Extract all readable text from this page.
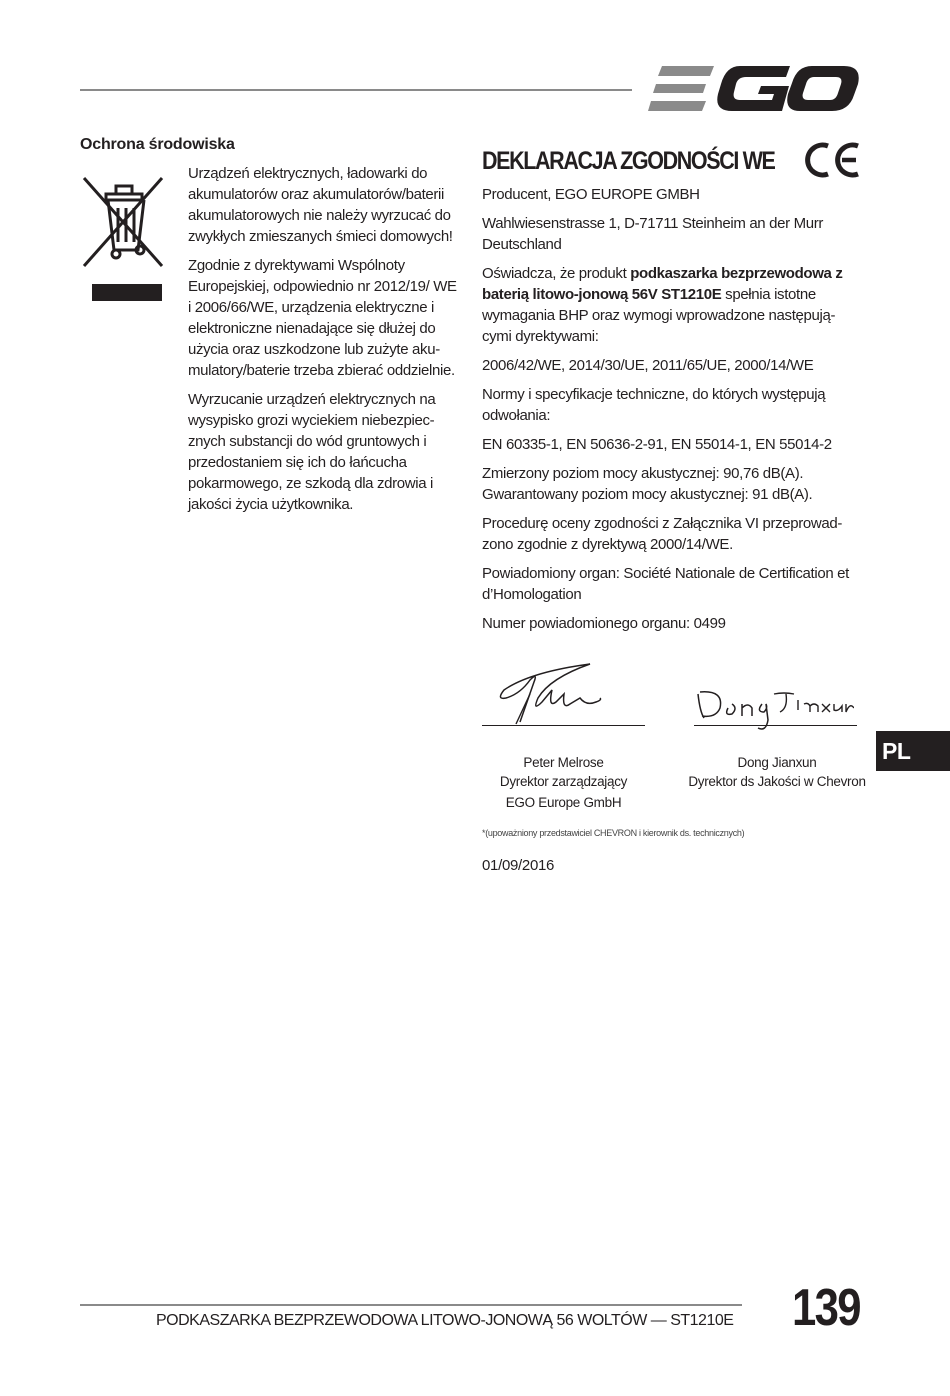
Ochrona środowiska

Urządzeń elektrycznych, ładowarki do akumulatorów oraz akumulatorów/baterii akumulatorowych nie należy wyrzucać do zwykłych zmieszanych śmieci domowych!

Zgodnie z dyrektywami Wspólnoty Europejskiej, odpowiednio nr 2012/19/ WE i 2006/66/WE, urządzenia elektryczne i elektroniczne nienadające się dłużej do użycia oraz uszkodzone lub zużyte aku-mulatory/baterie trzeba zbierać oddzielnie.

Wyrzucanie urządzeń elektrycznych na wysypisko grozi wyciekiem niebezpiec-znych substancji do wód gruntowych i przedostaniem się ich do łańcucha pokarmowego, ze szkodą dla zdrowia i jakości życia użytkownika.

DEKLARACJA ZGODNOŚCI WE

Producent, EGO EUROPE GMBH

Wahlwiesenstrasse 1, D-71711 Steinheim an der Murr Deutschland

Oświadcza, że produkt podkaszarka bezprzewodowa z baterią litowo-jonową 56V ST1210E spełnia istotne wymagania BHP oraz wymogi wprowadzone następują-cymi dyrektywami:

2006/42/WE, 2014/30/UE, 2011/65/UE, 2000/14/WE

Normy i specyfikacje techniczne, do których występują odwołania:

EN 60335-1, EN 50636-2-91, EN 55014-1, EN 55014-2

Zmierzony poziom mocy akustycznej: 90,76 dB(A).
Gwarantowany poziom mocy akustycznej: 91 dB(A).

Procedurę oceny zgodności z Załącznika VI przeprowad-zono zgodnie z dyrektywą 2000/14/WE.

Powiadomiony organ: Société Nationale de Certification et d’Homologation

Numer powiadomionego organu: 0499

Peter Melrose
Dyrektor zarządzający
EGO Europe GmbH
Dong Jianxun
Dyrektor ds Jakości w Chevron
*(upoważniony przedstawiciel CHEVRON i kierownik ds. technicznych)
01/09/2016
PL
PODKASZARKA BEZPRZEWODOWA LITOWO-JONOWĄ 56 WOLTÓW — ST1210E 139
